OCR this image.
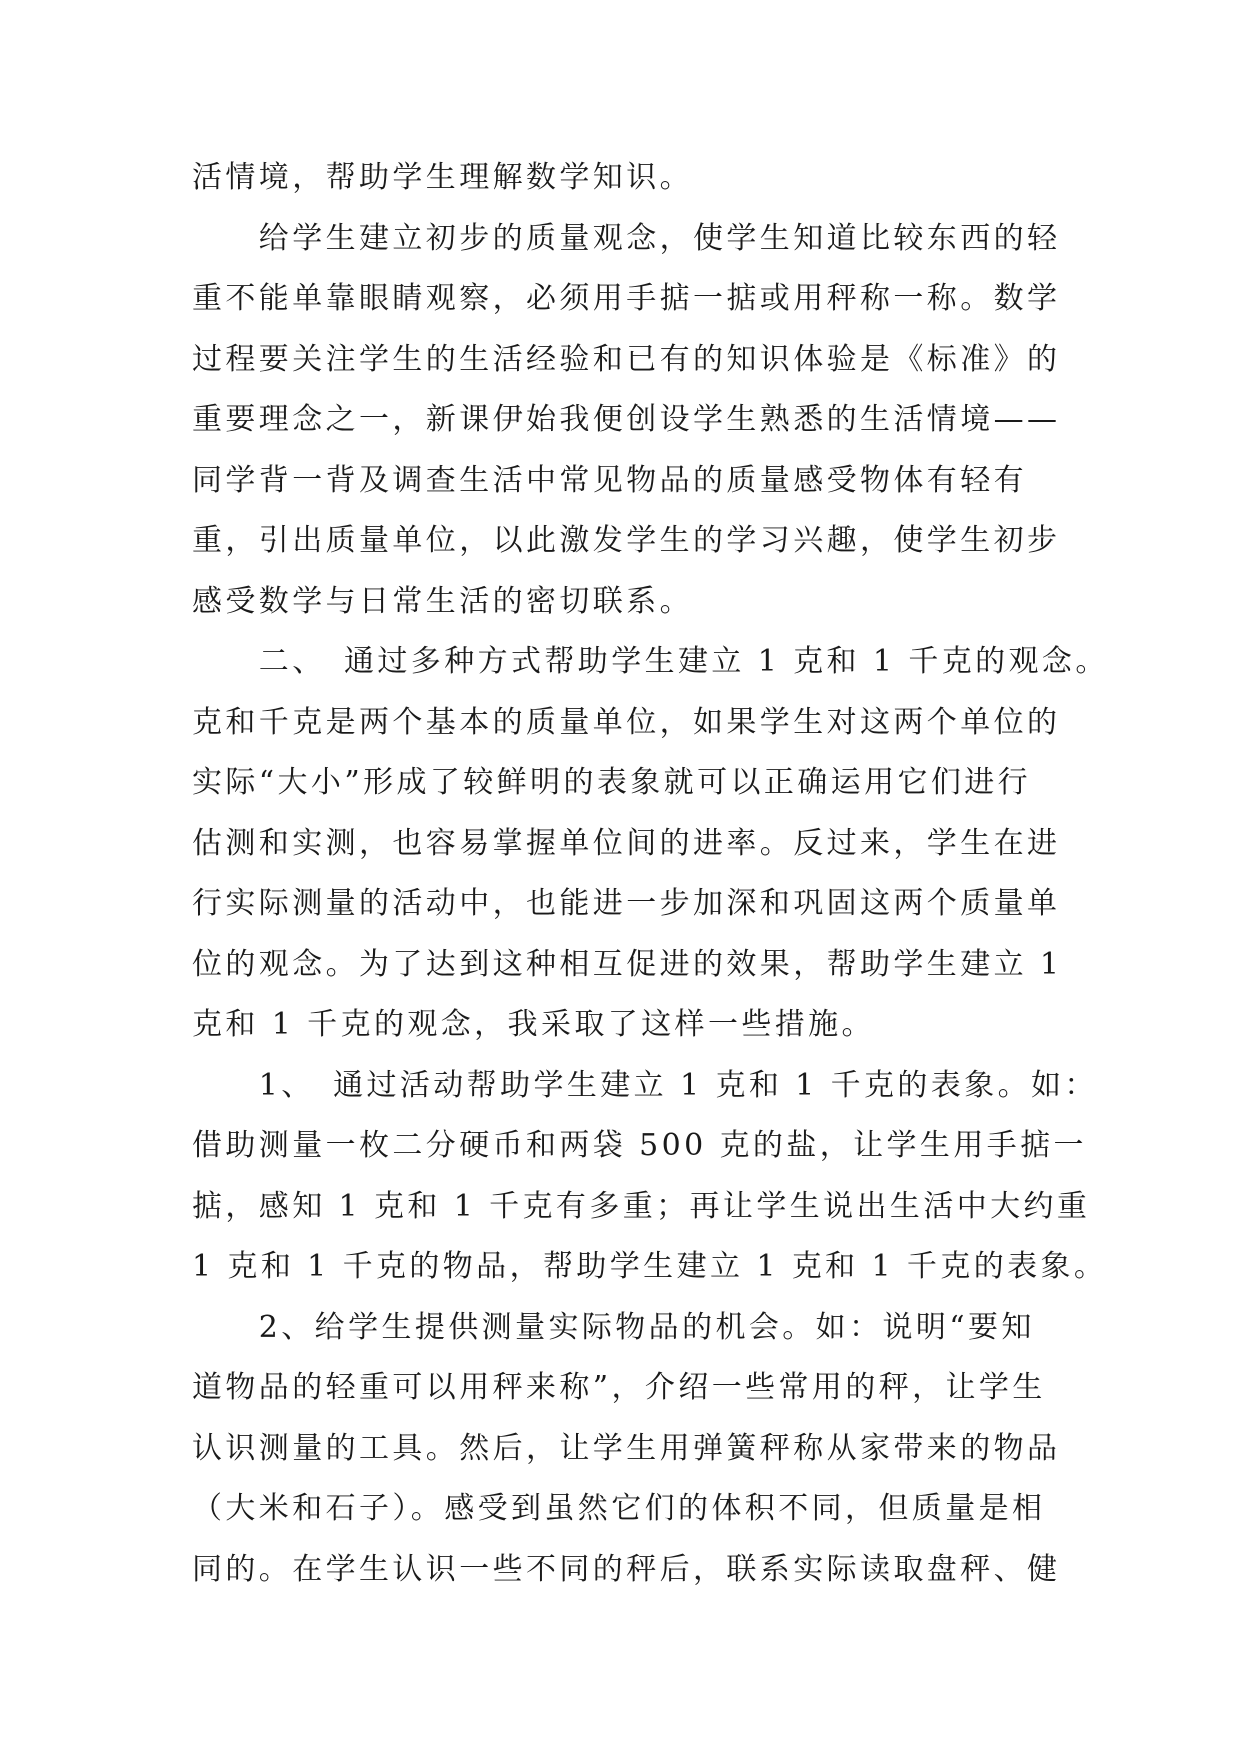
活情境，帮助学生理解数学知识。
　　给学生建立初步的质量观念，使学生知道比较东西的轻
重不能单靠眼睛观察，必须用手掂一掂或用秤称一称。数学
过程要关注学生的生活经验和已有的知识体验是《标准》的
重要理念之一，新课伊始我便创设学生熟悉的生活情境——
同学背一背及调查生活中常见物品的质量感受物体有轻有
重，引出质量单位，以此激发学生的学习兴趣，使学生初步
感受数学与日常生活的密切联系。
　　二、　通过多种方式帮助学生建立 1 克和 1 千克的观念。
克和千克是两个基本的质量单位，如果学生对这两个单位的
实际“大小”形成了较鲜明的表象就可以正确运用它们进行
估测和实测，也容易掌握单位间的进率。反过来，学生在进
行实际测量的活动中，也能进一步加深和巩固这两个质量单
位的观念。为了达到这种相互促进的效果，帮助学生建立 1
克和 1 千克的观念，我采取了这样一些措施。
　　1、　通过活动帮助学生建立 1 克和 1 千克的表象。如：
借助测量一枚二分硬币和两袋 500 克的盐，让学生用手掂一
掂，感知 1 克和 1 千克有多重；再让学生说出生活中大约重
1 克和 1 千克的物品，帮助学生建立 1 克和 1 千克的表象。
　　2、给学生提供测量实际物品的机会。如：说明“要知
道物品的轻重可以用秤来称”，介绍一些常用的秤，让学生
认识测量的工具。然后，让学生用弹簧秤称从家带来的物品
（大米和石子）。感受到虽然它们的体积不同，但质量是相
同的。在学生认识一些不同的秤后，联系实际读取盘秤、健
